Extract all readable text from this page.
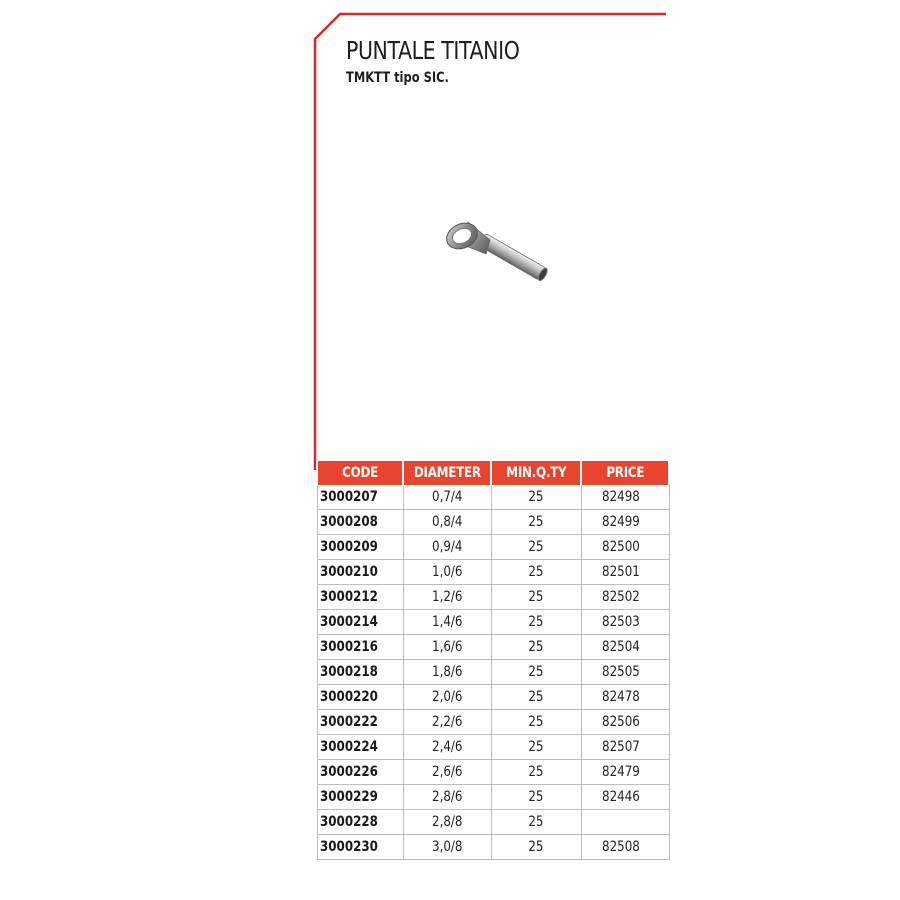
PUNTALE TITANIO
TMKTT tipo SIC.
CODE	DIAMETER	MIN.Q.TY	PRICE
3000207	0,7/4	25	82498
3000208	0,8/4	25	82499
3000209	0,9/4	25	82500
3000210	1,0/6	25	82501
3000212	1,2/6	25	82502
3000214	1,4/6	25	82503
3000216	1,6/6	25	82504
3000218	1,8/6	25	82505
3000220	2,0/6	25	82478
3000222	2,2/6	25	82506
3000224	2,4/6	25	82507
3000226	2,6/6	25	82479
3000229	2,8/6	25	82446
3000228	2,8/8	25	
3000230	3,0/8	25	82508
